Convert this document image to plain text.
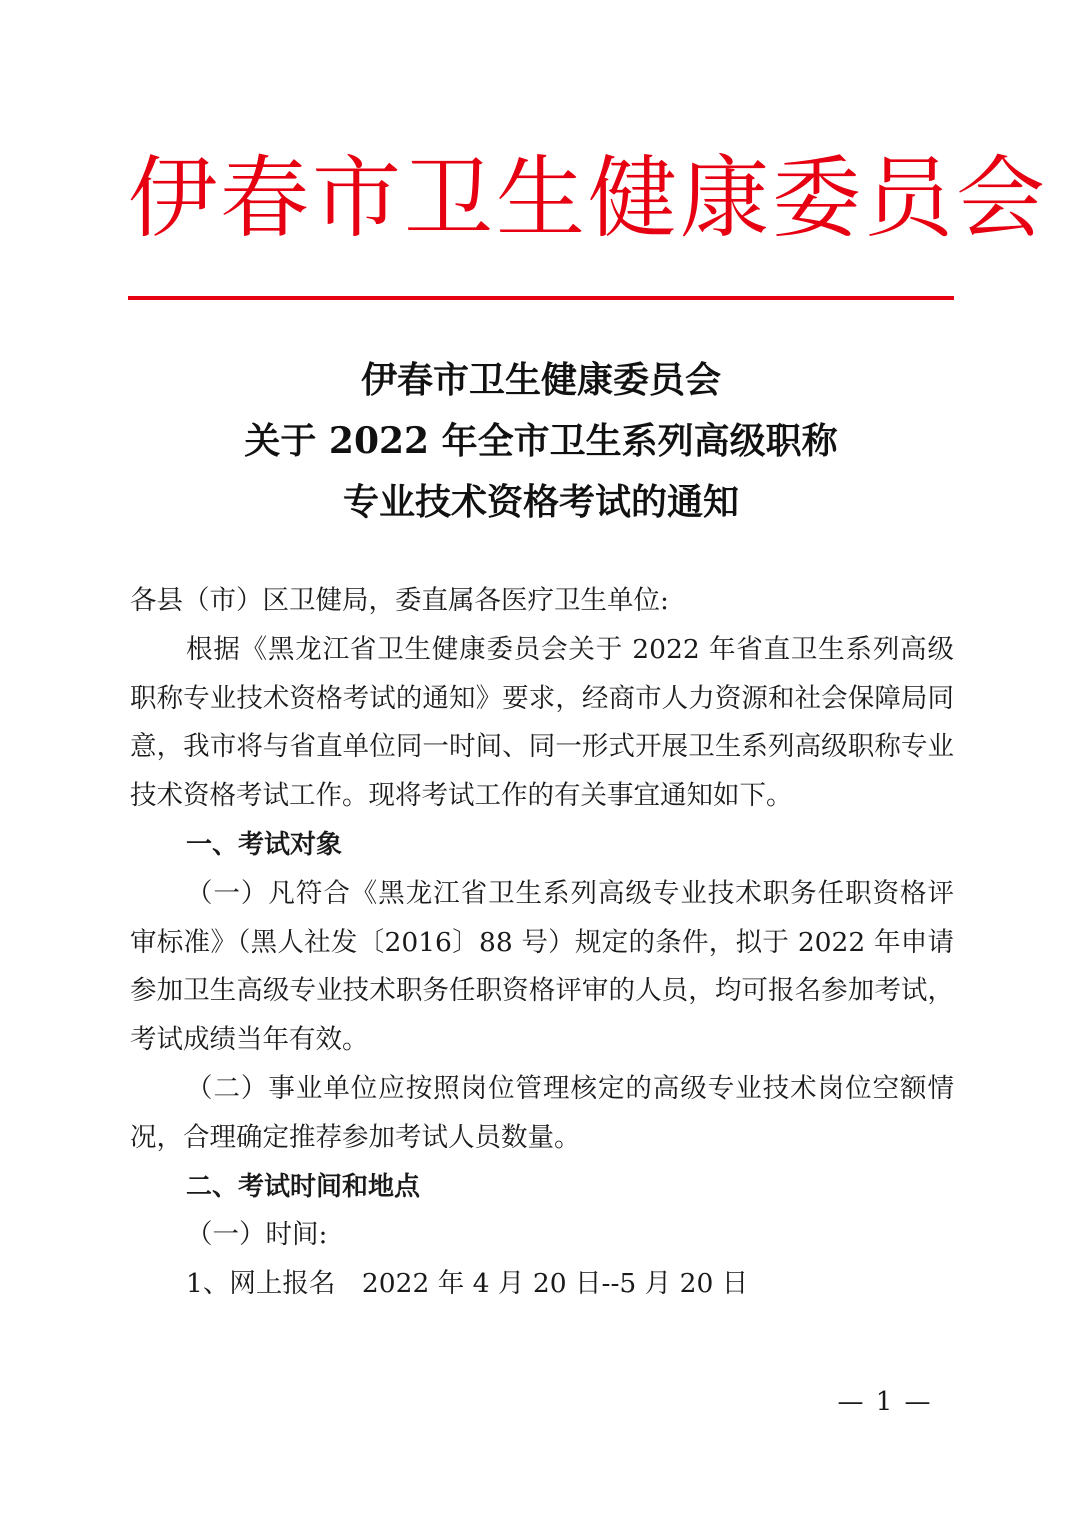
伊春市卫生健康委员会
伊春市卫生健康委员会
关于 2022 年全市卫生系列高级职称
专业技术资格考试的通知

各县（市）区卫健局，委直属各医疗卫生单位:

根据《黑龙江省卫生健康委员会关于 2022 年省直卫生系列高级职称专业技术资格考试的通知》要求，经商市人力资源和社会保障局同意，我市将与省直单位同一时间、同一形式开展卫生系列高级职称专业技术资格考试工作。现将考试工作的有关事宜通知如下。

一、考试对象

（一）凡符合《黑龙江省卫生系列高级专业技术职务任职资格评审标准》（黑人社发〔2016〕88 号）规定的条件，拟于 2022 年申请参加卫生高级专业技术职务任职资格评审的人员，均可报名参加考试，考试成绩当年有效。

（二）事业单位应按照岗位管理核定的高级专业技术岗位空额情况，合理确定推荐参加考试人员数量。

二、考试时间和地点

（一）时间:

1、网上报名　2022 年 4 月 20 日--5 月 20 日

— 1 —
